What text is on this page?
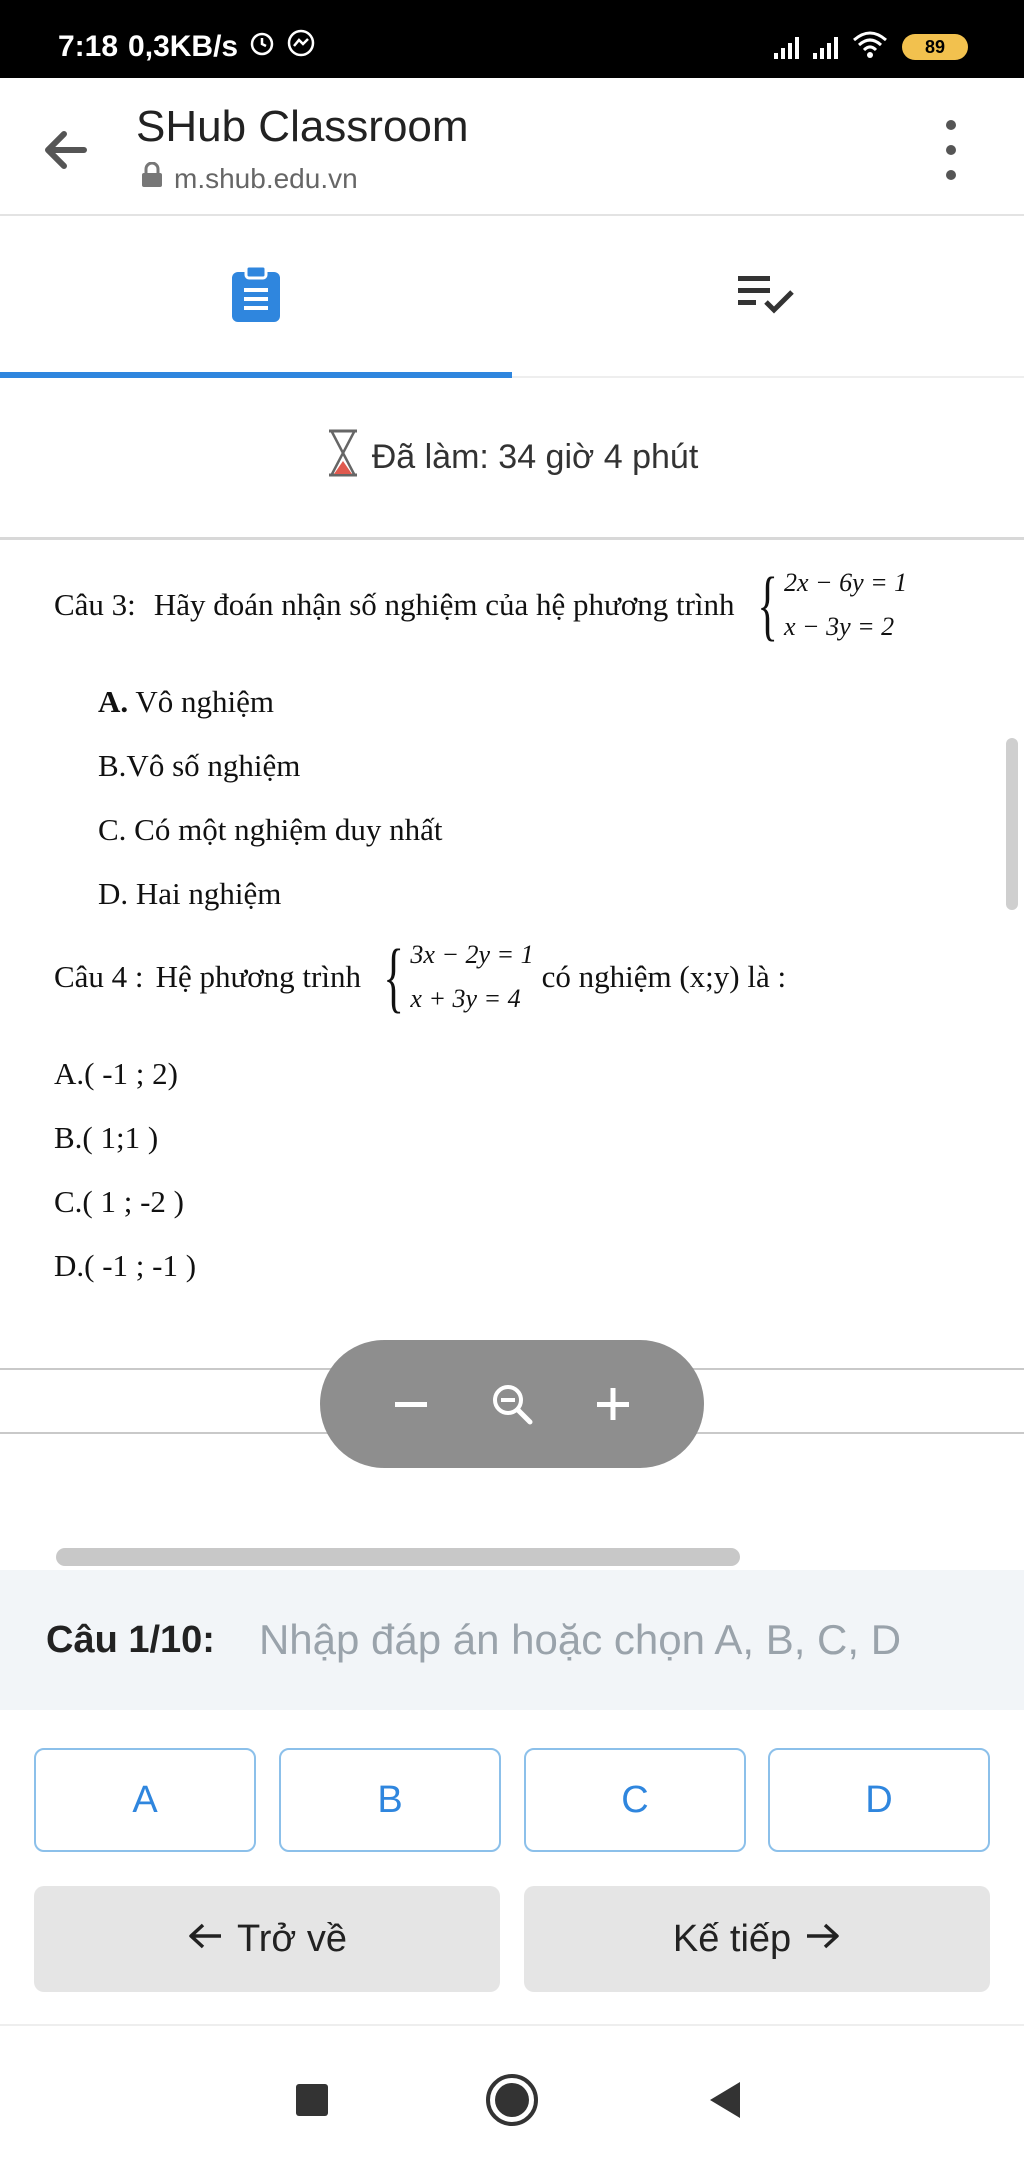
7:18 0,3KB/s	89
SHub Classroom
m.shub.edu.vn
Đã làm: 34 giờ 4 phút
Câu 3: Hãy đoán nhận số nghiệm của hệ phương trình { 2x − 6y = 1
x − 3y = 2
A. Vô nghiệm
B.Vô số nghiệm
C. Có một nghiệm duy nhất
D. Hai nghiệm
Câu 4 : Hệ phương trình { 3x − 2y = 1
x + 3y = 4
có nghiệm (x;y) là :
A.( -1 ; 2)
B.( 1;1 )
C.( 1 ; -2 )
D.( -1 ; -1 )
Câu 1/10:
Nhập đáp án hoặc chọn A, B, C, D
A	B	C	D
Trở về	Kế tiếp
